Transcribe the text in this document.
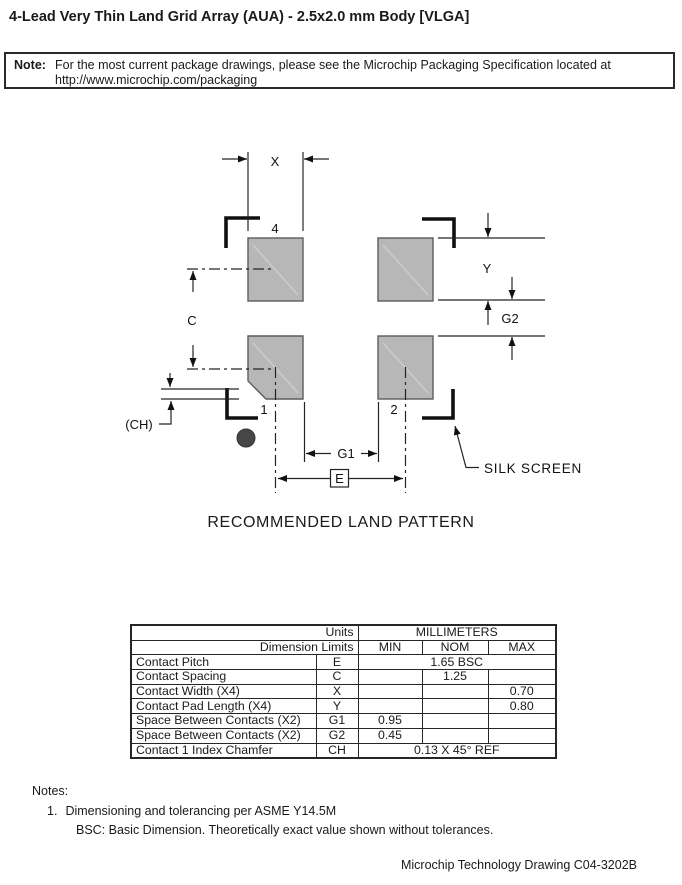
X
4
Y
G2
C
(CH)
1	2
G1
E
SILK SCREEN
4-Lead Very Thin Land Grid Array (AUA) - 2.5x2.0 mm Body [VLGA]
Note: For the most current package drawings, please see the Microchip Packaging Specification located at
http://www.microchip.com/packaging
RECOMMENDED LAND PATTERN
Units		MILLIMETERS		
Dimension Limits		MIN	NOM	MAX
Contact Pitch	E	1.65 BSC		
Contact Spacing	C		1.25	
Contact Width (X4)	X			0.70
Contact Pad Length (X4)	Y			0.80
Space Between Contacts (X2)	G1	0.95		
Space Between Contacts (X2)	G2	0.45		
Contact 1 Index Chamfer	CH	0.13 X 45° REF		
Notes:
1. Dimensioning and tolerancing per ASME Y14.5M
BSC: Basic Dimension. Theoretically exact value shown without tolerances.
Microchip Technology Drawing C04-3202B
